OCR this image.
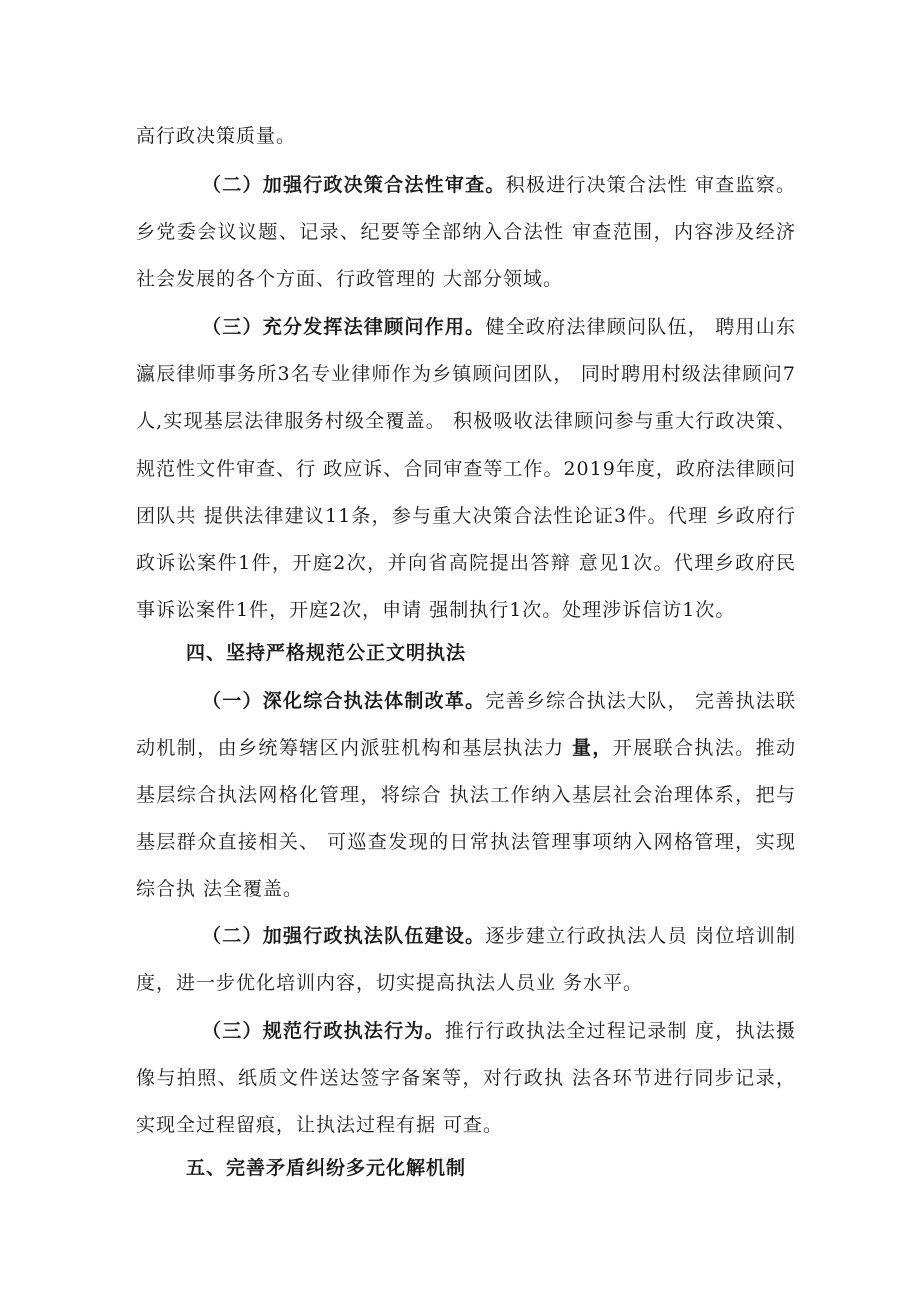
高行政决策质量。
（二）加强行政决策合法性审查。积极进行决策合法性 审查监察。
乡党委会议议题、记录、纪要等全部纳入合法性 审查范围，内容涉及经济
社会发展的各个方面、行政管理的 大部分领域。
（三）充分发挥法律顾问作用。健全政府法律顾问队伍， 聘用山东
瀛辰律师事务所3名专业律师作为乡镇顾问团队， 同时聘用村级法律顾问7
人,实现基层法律服务村级全覆盖。 积极吸收法律顾问参与重大行政决策、
规范性文件审查、行 政应诉、合同审查等工作。2019年度，政府法律顾问
团队共 提供法律建议11条，参与重大决策合法性论证3件。代理 乡政府行
政诉讼案件1件，开庭2次，并向省高院提出答辩 意见1次。代理乡政府民
事诉讼案件1件，开庭2次，申请 强制执行1次。处理涉诉信访1次。
四、坚持严格规范公正文明执法
（一）深化综合执法体制改革。完善乡综合执法大队， 完善执法联
动机制，由乡统筹辖区内派驻机构和基层执法力 量，开展联合执法。推动
基层综合执法网格化管理，将综合 执法工作纳入基层社会治理体系，把与
基层群众直接相关、 可巡查发现的日常执法管理事项纳入网格管理，实现
综合执 法全覆盖。
（二）加强行政执法队伍建设。逐步建立行政执法人员 岗位培训制
度，进一步优化培训内容，切实提高执法人员业 务水平。
（三）规范行政执法行为。推行行政执法全过程记录制 度，执法摄
像与拍照、纸质文件送达签字备案等，对行政执 法各环节进行同步记录，
实现全过程留痕，让执法过程有据 可查。
五、完善矛盾纠纷多元化解机制
